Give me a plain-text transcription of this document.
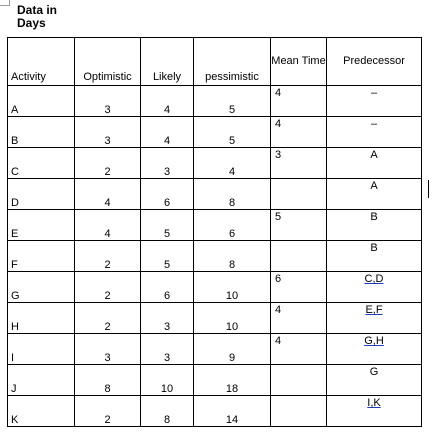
Data in Days
Activity	Optimistic	Likely	pessimistic	Mean Time	Predecessor

A	3	4	5	4	–

B	3	4	5	4	–

C	2	3	4	3	A

D	4	6	8		A

E	4	5	6	5	B

F	2	5	8		B

G	2	6	10	6	C,D

H	2	3	10	4	E,F

I	3	3	9	4	G,H

J	8	10	18		G

K	2	8	14		I,K
